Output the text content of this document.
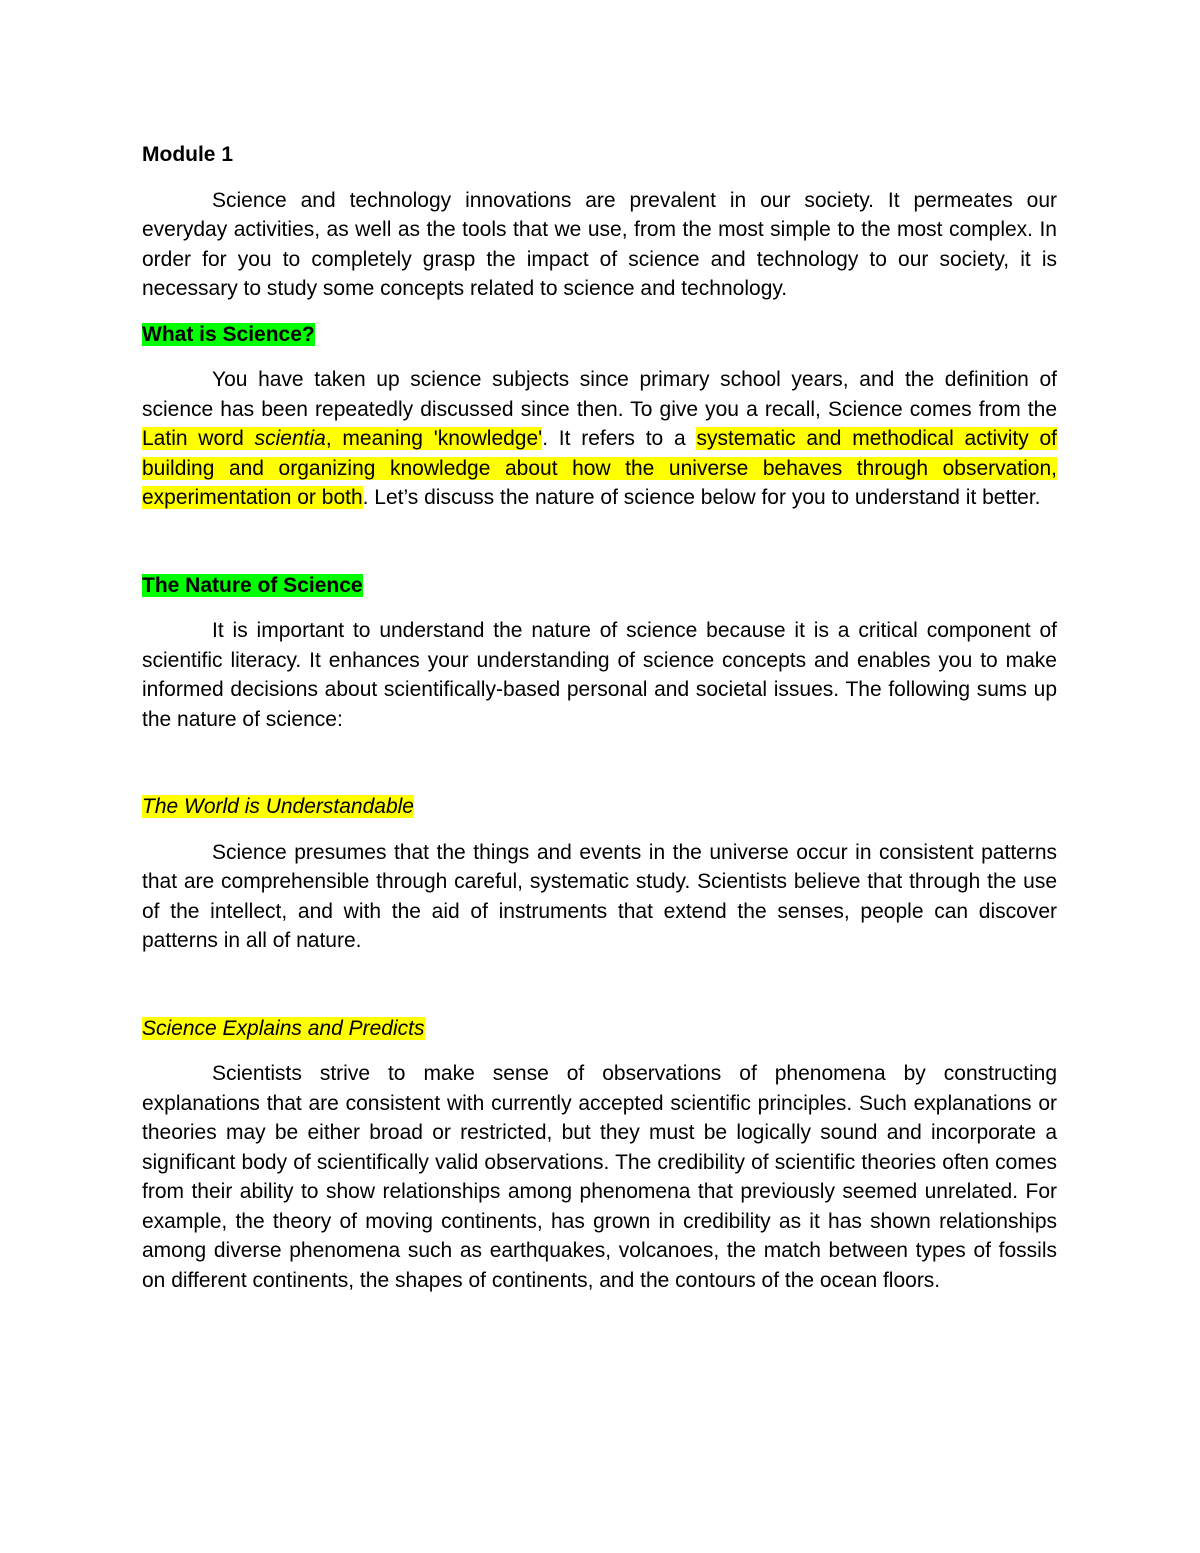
Module 1

Science and technology innovations are prevalent in our society. It permeates our everyday activities, as well as the tools that we use, from the most simple to the most complex. In order for you to completely grasp the impact of science and technology to our society, it is necessary to study some concepts related to science and technology.

What is Science?

You have taken up science subjects since primary school years, and the definition of science has been repeatedly discussed since then. To give you a recall, Science comes from the Latin word scientia, meaning 'knowledge'. It refers to a systematic and methodical activity of building and organizing knowledge about how the universe behaves through observation, experimentation or both. Let’s discuss the nature of science below for you to understand it better.

The Nature of Science

It is important to understand the nature of science because it is a critical component of scientific literacy. It enhances your understanding of science concepts and enables you to make informed decisions about scientifically-based personal and societal issues. The following sums up the nature of science:

The World is Understandable

Science presumes that the things and events in the universe occur in consistent patterns that are comprehensible through careful, systematic study. Scientists believe that through the use of the intellect, and with the aid of instruments that extend the senses, people can discover patterns in all of nature.

Science Explains and Predicts

Scientists strive to make sense of observations of phenomena by constructing explanations that are consistent with currently accepted scientific principles. Such explanations or theories may be either broad or restricted, but they must be logically sound and incorporate a significant body of scientifically valid observations. The credibility of scientific theories often comes from their ability to show relationships among phenomena that previously seemed unrelated. For example, the theory of moving continents, has grown in credibility as it has shown relationships among diverse phenomena such as earthquakes, volcanoes, the match between types of fossils on different continents, the shapes of continents, and the contours of the ocean floors.
